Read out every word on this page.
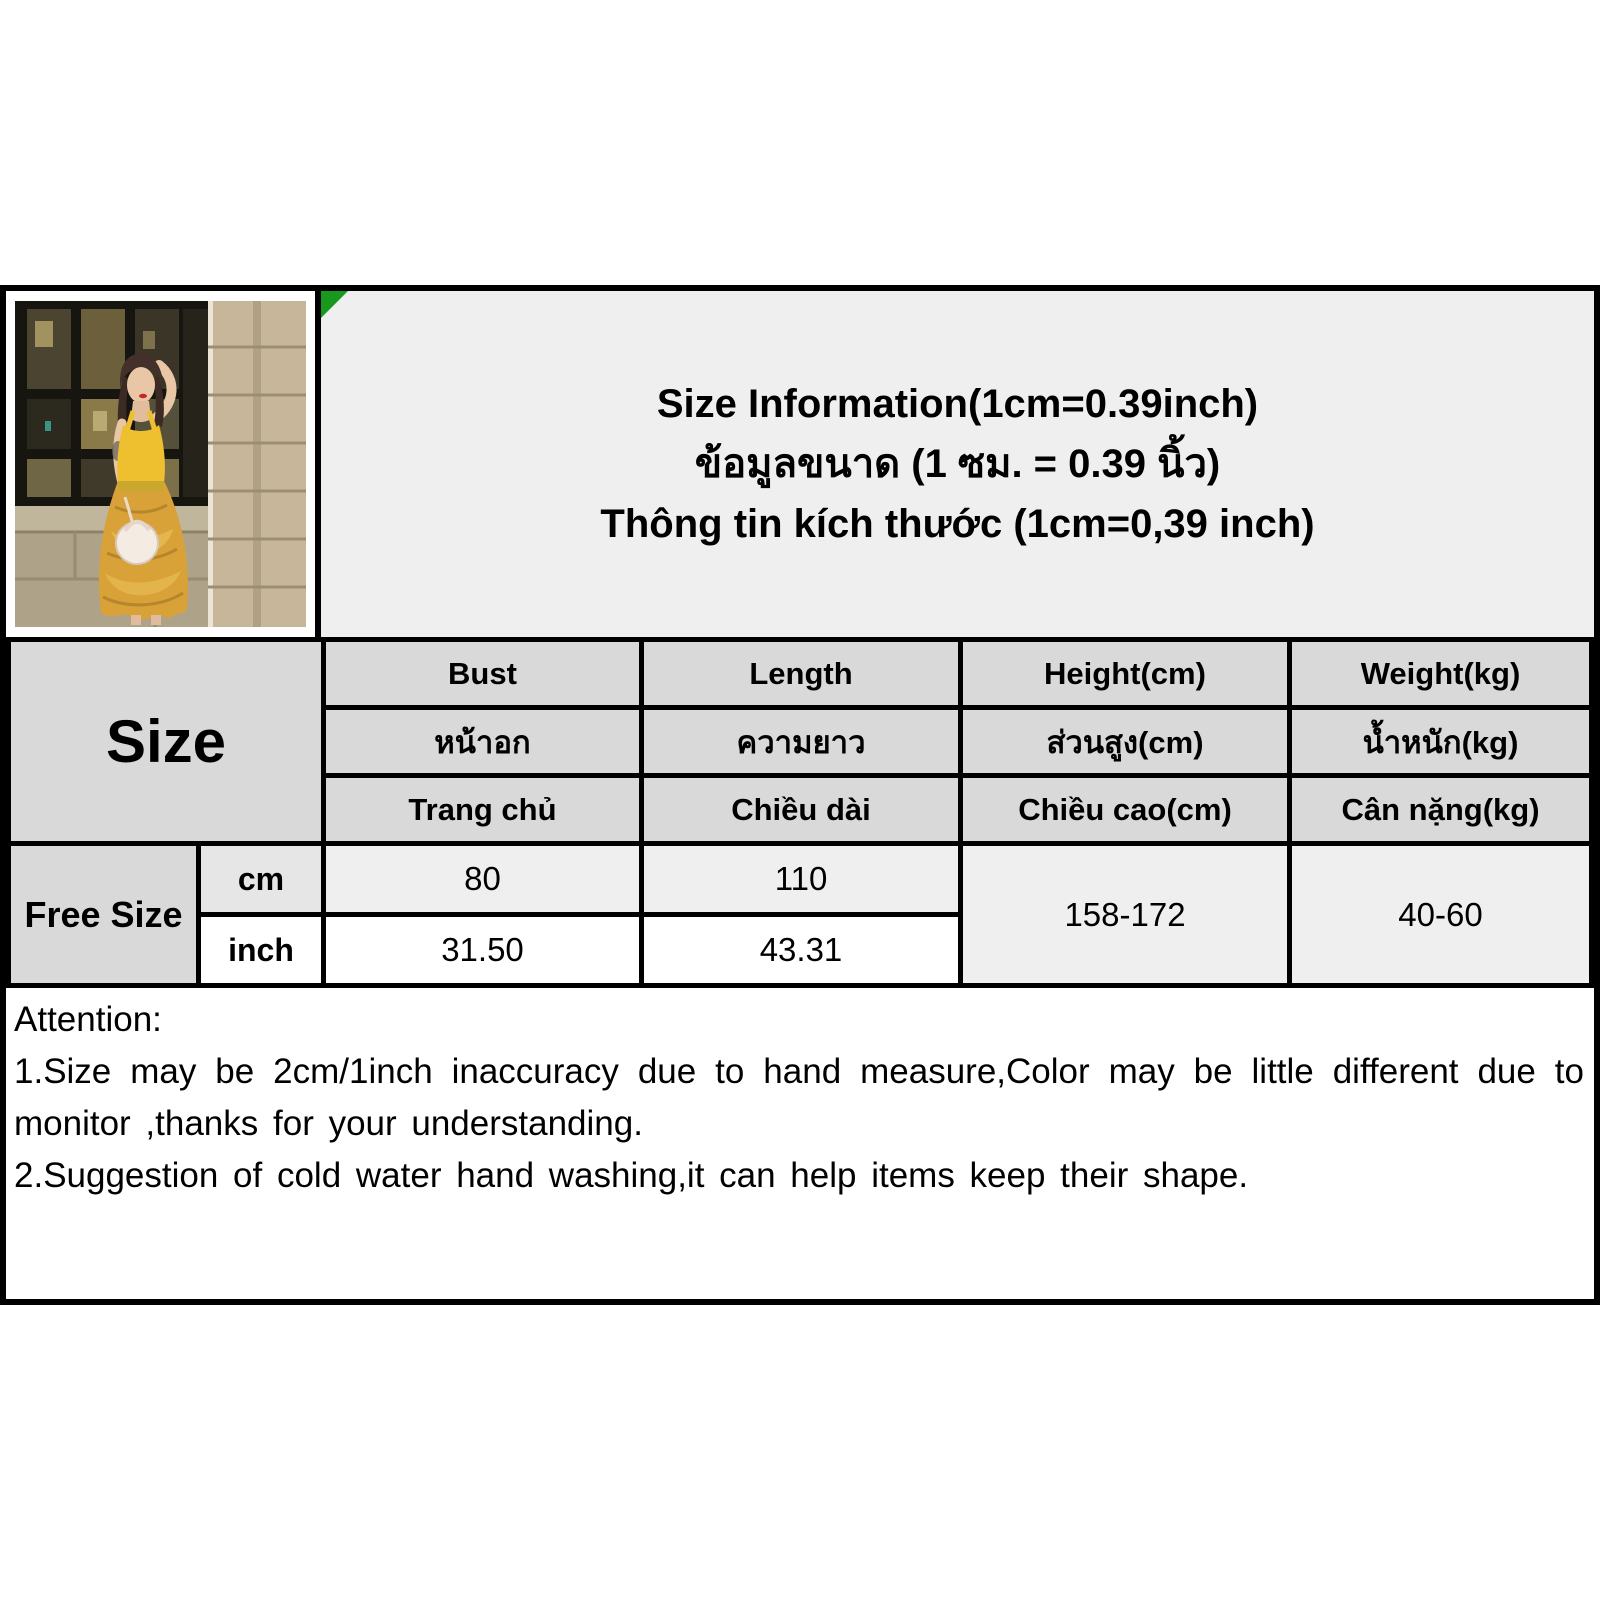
Size Information(1cm=0.39inch)
ข้อมูลขนาด (1 ซม. = 0.39 นิ้ว)
Thông tin kích thước (1cm=0,39 inch)
Size		Bust	Length	Height(cm)	Weight(kg)
		หน้าอก	ความยาว	ส่วนสูง(cm)	น้ำหนัก(kg)
		Trang chủ	Chiều dài	Chiều cao(cm)	Cân nặng(kg)
Free Size	cm	80	110	158-172	40-60
	inch	31.50	43.31		

Attention:

1.Size may be 2cm/1inch inaccuracy due to hand measure,Color may be little different due to monitor ,thanks for your understanding.

2.Suggestion of cold water hand washing,it can help items keep their shape.
